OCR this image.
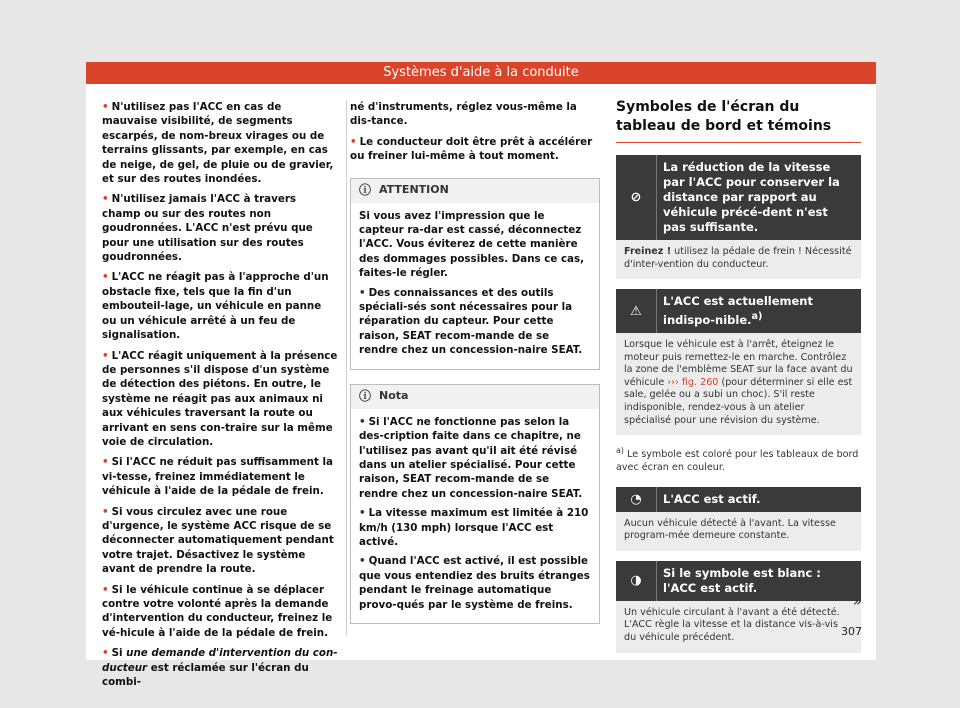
Systèmes d'aide à la conduite

• N'utilisez pas l'ACC en cas de mauvaise visibilité, de segments escarpés, de nom-breux virages ou de terrains glissants, par exemple, en cas de neige, de gel, de pluie ou de gravier, et sur des routes inondées.

• N'utilisez jamais l'ACC à travers champ ou sur des routes non goudronnées. L'ACC n'est prévu que pour une utilisation sur des routes goudronnées.

• L'ACC ne réagit pas à l'approche d'un obstacle fixe, tels que la fin d'un embouteil-lage, un véhicule en panne ou un véhicule arrêté à un feu de signalisation.

• L'ACC réagit uniquement à la présence de personnes s'il dispose d'un système de détection des piétons. En outre, le système ne réagit pas aux animaux ni aux véhicules traversant la route ou arrivant en sens con-traire sur la même voie de circulation.

• Si l'ACC ne réduit pas suffisamment la vi-tesse, freinez immédiatement le véhicule à l'aide de la pédale de frein.

• Si vous circulez avec une roue d'urgence, le système ACC risque de se déconnecter automatiquement pendant votre trajet. Désactivez le système avant de prendre la route.

• Si le véhicule continue à se déplacer contre votre volonté après la demande d'intervention du conducteur, freinez le vé-hicule à l'aide de la pédale de frein.

• Si une demande d'intervention du con-ducteur est réclamée sur l'écran du combi-

né d'instruments, réglez vous-même la dis-tance.

• Le conducteur doit être prêt à accélérer ou freiner lui-même à tout moment.

ⓘ ATTENTION

Si vous avez l'impression que le capteur ra-dar est cassé, déconnectez l'ACC. Vous éviterez de cette manière des dommages possibles. Dans ce cas, faites-le régler.

• Des connaissances et des outils spéciali-sés sont nécessaires pour la réparation du capteur. Pour cette raison, SEAT recom-mande de se rendre chez un concession-naire SEAT.

ⓘ Nota

• Si l'ACC ne fonctionne pas selon la des-cription faite dans ce chapitre, ne l'utilisez pas avant qu'il ait été révisé dans un atelier spécialisé. Pour cette raison, SEAT recom-mande de se rendre chez un concession-naire SEAT.

• La vitesse maximum est limitée à 210 km/h (130 mph) lorsque l'ACC est activé.

• Quand l'ACC est activé, il est possible que vous entendiez des bruits étranges pendant le freinage automatique provo-qués par le système de freins.

Symboles de l'écran du tableau de bord et témoins
⊘
La réduction de la vitesse par l'ACC pour conserver la distance par rapport au véhicule précé-dent n'est pas suffisante.
Freinez ! utilisez la pédale de frein ! Nécessité d'inter-vention du conducteur.
⚠
L'ACC est actuellement indispo-nible.$^{a)}$
Lorsque le véhicule est à l'arrêt, éteignez le moteur puis remettez-le en marche. Contrôlez la zone de l'emblème SEAT sur la face avant du véhicule ››› fig. 260 (pour déterminer si elle est sale, gelée ou a subi un choc). S'il reste indisponible, rendez-vous à un atelier spécialisé pour une révision du système.

$^{a)}$ Le symbole est coloré pour les tableaux de bord avec écran en couleur.

◔	L'ACC est actif.
Aucun véhicule détecté à l'avant. La vitesse program-mée demeure constante.
◑
Si le symbole est blanc : l'ACC est actif.
Un véhicule circulant à l'avant a été détecté. L'ACC règle la vitesse et la distance vis-à-vis du véhicule précédent.
»
307
